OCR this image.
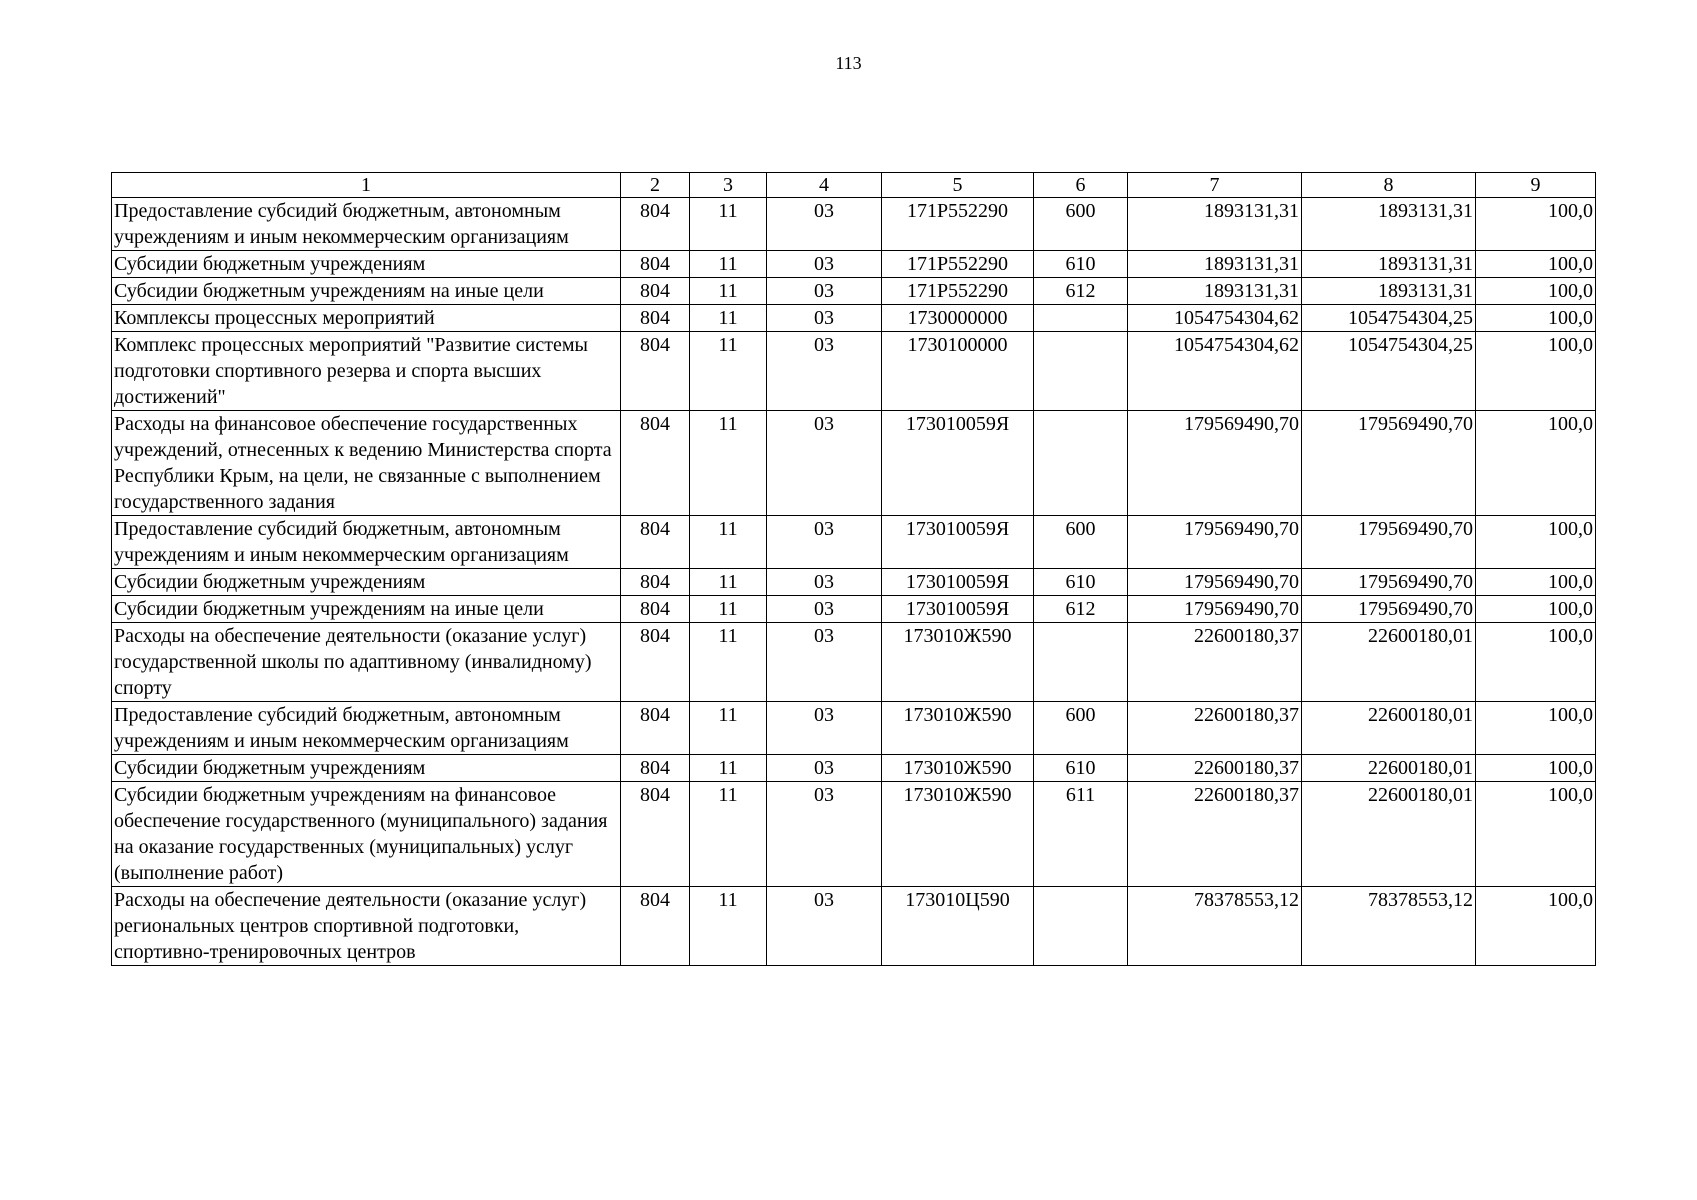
113
1	2	3	4	5	6	7	8	9
Предоставление субсидий бюджетным, автономным учреждениям и иным некоммерческим организациям	804	11	03	171P552290	600	1893131,31	1893131,31	100,0
Субсидии бюджетным учреждениям	804	11	03	171P552290	610	1893131,31	1893131,31	100,0
Субсидии бюджетным учреждениям на иные цели	804	11	03	171P552290	612	1893131,31	1893131,31	100,0
Комплексы процессных мероприятий	804	11	03	1730000000		1054754304,62	1054754304,25	100,0
Комплекс процессных мероприятий "Развитие системы подготовки спортивного резерва и спорта высших достижений"	804	11	03	1730100000		1054754304,62	1054754304,25	100,0
Расходы на финансовое обеспечение государственных учреждений, отнесенных к ведению Министерства спорта Республики Крым, на цели, не связанные с выполнением государственного задания	804	11	03	173010059Я		179569490,70	179569490,70	100,0
Предоставление субсидий бюджетным, автономным учреждениям и иным некоммерческим организациям	804	11	03	173010059Я	600	179569490,70	179569490,70	100,0
Субсидии бюджетным учреждениям	804	11	03	173010059Я	610	179569490,70	179569490,70	100,0
Субсидии бюджетным учреждениям на иные цели	804	11	03	173010059Я	612	179569490,70	179569490,70	100,0
Расходы на обеспечение деятельности (оказание услуг) государственной школы по адаптивному (инвалидному) спорту	804	11	03	173010Ж590		22600180,37	22600180,01	100,0
Предоставление субсидий бюджетным, автономным учреждениям и иным некоммерческим организациям	804	11	03	173010Ж590	600	22600180,37	22600180,01	100,0
Субсидии бюджетным учреждениям	804	11	03	173010Ж590	610	22600180,37	22600180,01	100,0
Субсидии бюджетным учреждениям на финансовое обеспечение государственного (муниципального) задания на оказание государственных (муниципальных) услуг (выполнение работ)	804	11	03	173010Ж590	611	22600180,37	22600180,01	100,0
Расходы на обеспечение деятельности (оказание услуг) региональных центров спортивной подготовки, спортивно-тренировочных центров	804	11	03	173010Ц590		78378553,12	78378553,12	100,0
